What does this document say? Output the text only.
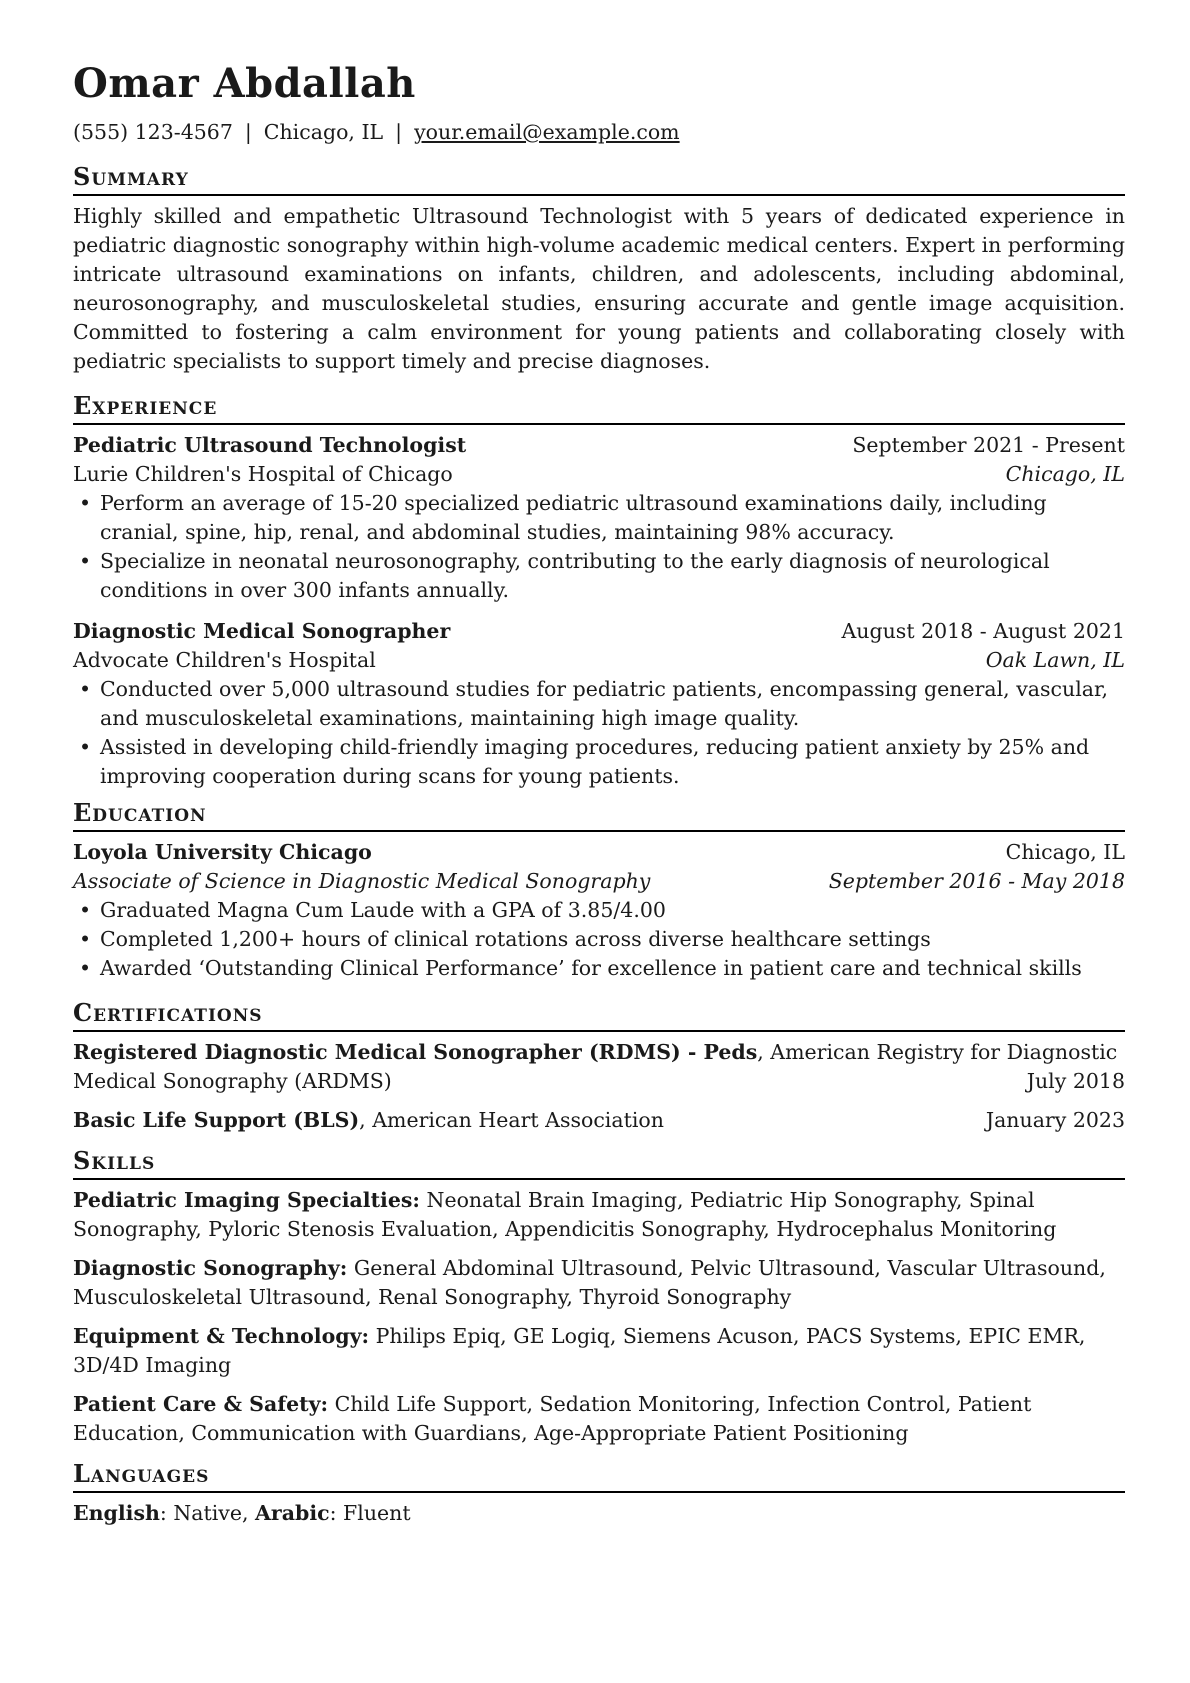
Omar Abdallah
(555) 123-4567 | Chicago, IL | your.email@example.com
Summary

Highly skilled and empathetic Ultrasound Technologist with 5 years of dedicated experience in pediatric diagnostic sonography within high-volume academic medical centers. Expert in performing intricate ultrasound examinations on infants, children, and adolescents, including abdominal, neurosonography, and musculoskeletal studies, ensuring accurate and gentle image acquisition. Committed to fostering a calm environment for young patients and collaborating closely with pediatric specialists to support timely and precise diagnoses.

Experience
Pediatric Ultrasound Technologist	September 2021 - Present
Lurie Children's Hospital of Chicago	Chicago, IL
• Perform an average of 15-20 specialized pediatric ultrasound examinations daily, including cranial, spine, hip, renal, and abdominal studies, maintaining 98% accuracy.
• Specialize in neonatal neurosonography, contributing to the early diagnosis of neurological conditions in over 300 infants annually.
Diagnostic Medical Sonographer	August 2018 - August 2021
Advocate Children's Hospital	Oak Lawn, IL
• Conducted over 5,000 ultrasound studies for pediatric patients, encompassing general, vascular, and musculoskeletal examinations, maintaining high image quality.
• Assisted in developing child-friendly imaging procedures, reducing patient anxiety by 25% and improving cooperation during scans for young patients.
Education
Loyola University Chicago	Chicago, IL
Associate of Science in Diagnostic Medical Sonography	September 2016 - May 2018
• Graduated Magna Cum Laude with a GPA of 3.85/4.00
• Completed 1,200+ hours of clinical rotations across diverse healthcare settings
• Awarded ‘Outstanding Clinical Performance’ for excellence in patient care and technical skills
Certifications
Registered Diagnostic Medical Sonographer (RDMS) - Peds, American Registry for Diagnostic
Medical Sonography (ARDMS)	July 2018
Basic Life Support (BLS), American Heart Association	January 2023
Skills
Pediatric Imaging Specialties: Neonatal Brain Imaging, Pediatric Hip Sonography, Spinal Sonography, Pyloric Stenosis Evaluation, Appendicitis Sonography, Hydrocephalus Monitoring
Diagnostic Sonography: General Abdominal Ultrasound, Pelvic Ultrasound, Vascular Ultrasound, Musculoskeletal Ultrasound, Renal Sonography, Thyroid Sonography
Equipment & Technology: Philips Epiq, GE Logiq, Siemens Acuson, PACS Systems, EPIC EMR, 3D/4D Imaging
Patient Care & Safety: Child Life Support, Sedation Monitoring, Infection Control, Patient Education, Communication with Guardians, Age-Appropriate Patient Positioning
Languages
English: Native, Arabic: Fluent
